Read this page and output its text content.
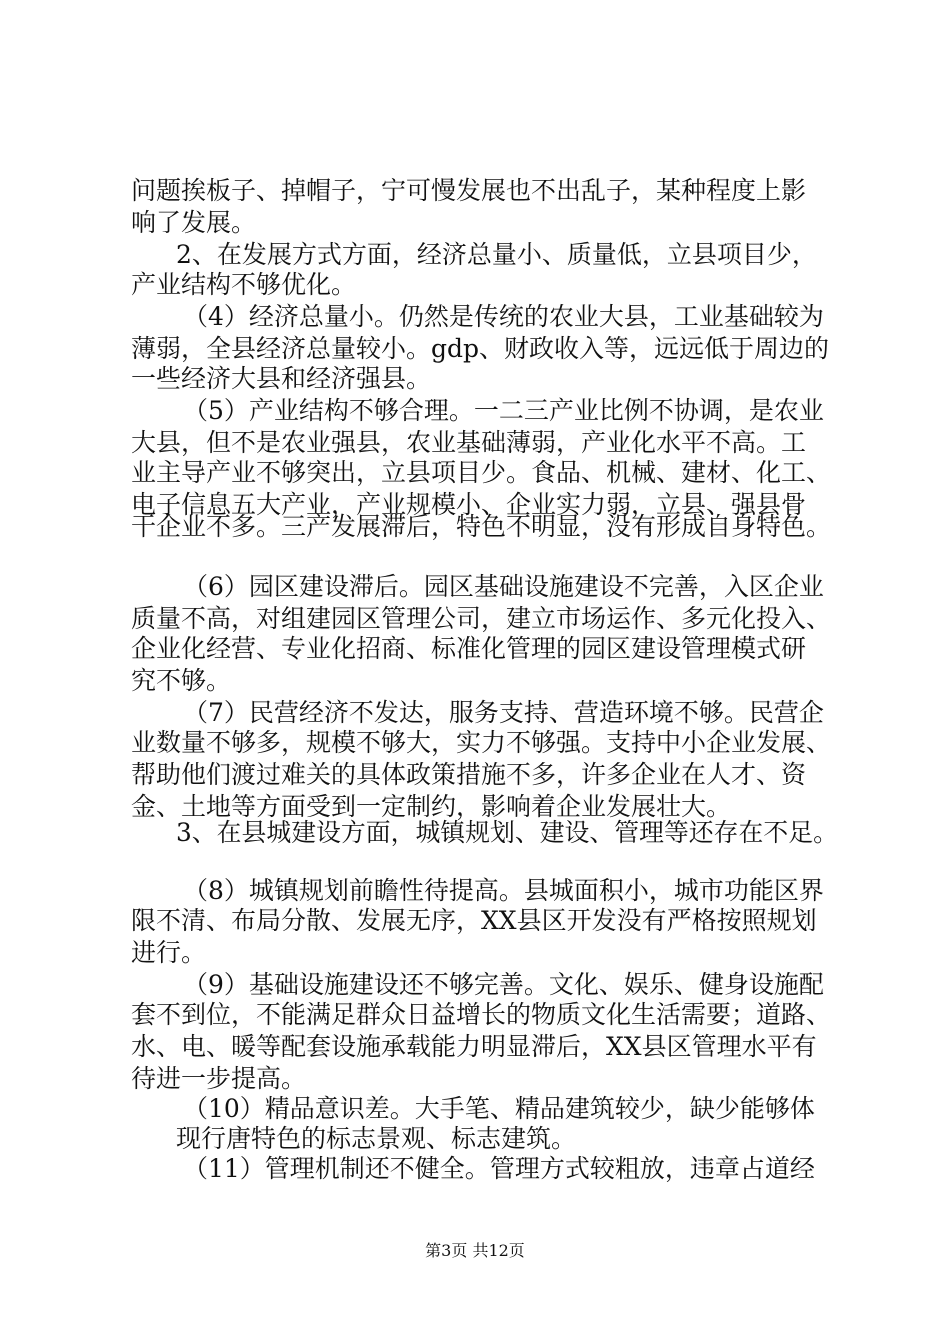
问题挨板子、掉帽子，宁可慢发展也不出乱子，某种程度上影

响了发展。

2、在发展方式方面，经济总量小、质量低，立县项目少，

产业结构不够优化。

（4）经济总量小。仍然是传统的农业大县，工业基础较为

薄弱，全县经济总量较小。gdp、财政收入等，远远低于周边的

一些经济大县和经济强县。

（5）产业结构不够合理。一二三产业比例不协调，是农业

大县，但不是农业强县，农业基础薄弱，产业化水平不高。工

业主导产业不够突出，立县项目少。食品、机械、建材、化工、

电子信息五大产业，产业规模小、企业实力弱，立县、强县骨

干企业不多。三产发展滞后，特色不明显，没有形成自身特色。

（6）园区建设滞后。园区基础设施建设不完善，入区企业

质量不高，对组建园区管理公司，建立市场运作、多元化投入、

企业化经营、专业化招商、标准化管理的园区建设管理模式研

究不够。

（7）民营经济不发达，服务支持、营造环境不够。民营企

业数量不够多，规模不够大，实力不够强。支持中小企业发展、

帮助他们渡过难关的具体政策措施不多，许多企业在人才、资

金、土地等方面受到一定制约，影响着企业发展壮大。

3、在县城建设方面，城镇规划、建设、管理等还存在不足。

（8）城镇规划前瞻性待提高。县城面积小，城市功能区界

限不清、布局分散、发展无序，XX县区开发没有严格按照规划

进行。

（9）基础设施建设还不够完善。文化、娱乐、健身设施配

套不到位，不能满足群众日益增长的物质文化生活需要；道路、

水、电、暖等配套设施承载能力明显滞后，XX县区管理水平有

待进一步提高。

（10）精品意识差。大手笔、精品建筑较少，缺少能够体

现行唐特色的标志景观、标志建筑。

（11）管理机制还不健全。管理方式较粗放，违章占道经

第3页 共12页
